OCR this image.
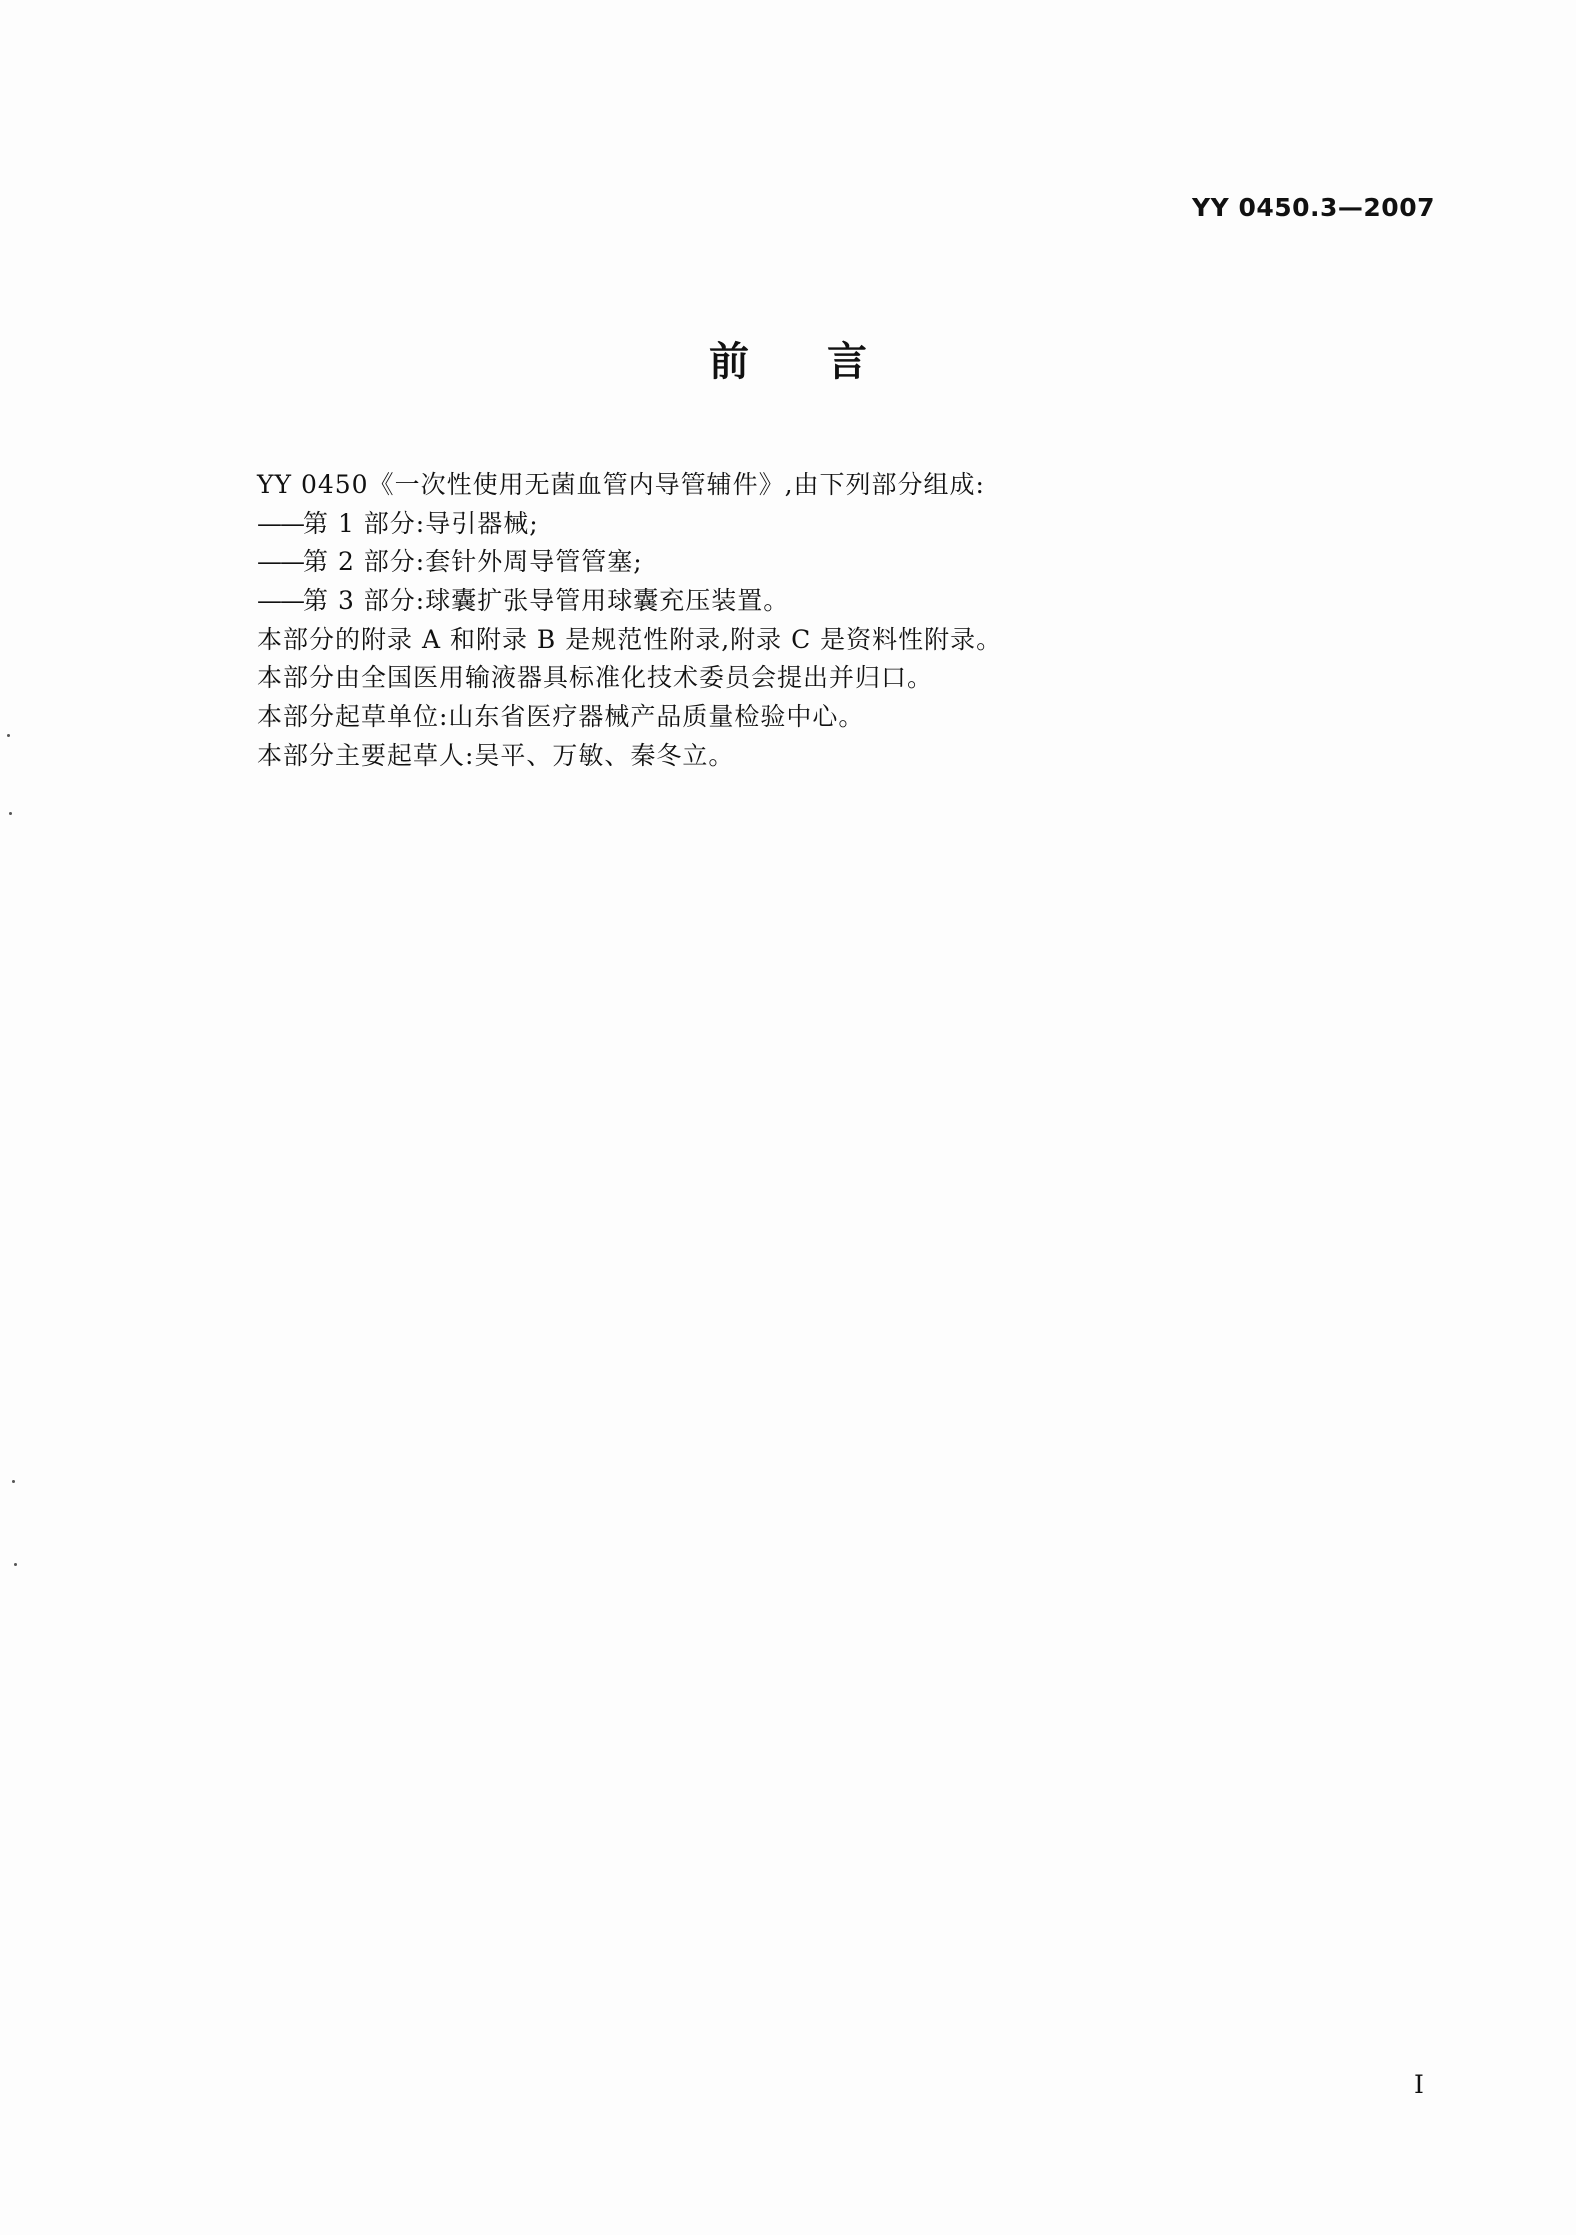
YY 0450.3—2007
前言
YY 0450《一次性使用无菌血管内导管辅件》,由下列部分组成:
——第 1 部分:导引器械;
——第 2 部分:套针外周导管管塞;
——第 3 部分:球囊扩张导管用球囊充压装置。
本部分的附录 A 和附录 B 是规范性附录,附录 C 是资料性附录。
本部分由全国医用输液器具标准化技术委员会提出并归口。
本部分起草单位:山东省医疗器械产品质量检验中心。
本部分主要起草人:吴平、万敏、秦冬立。
I
